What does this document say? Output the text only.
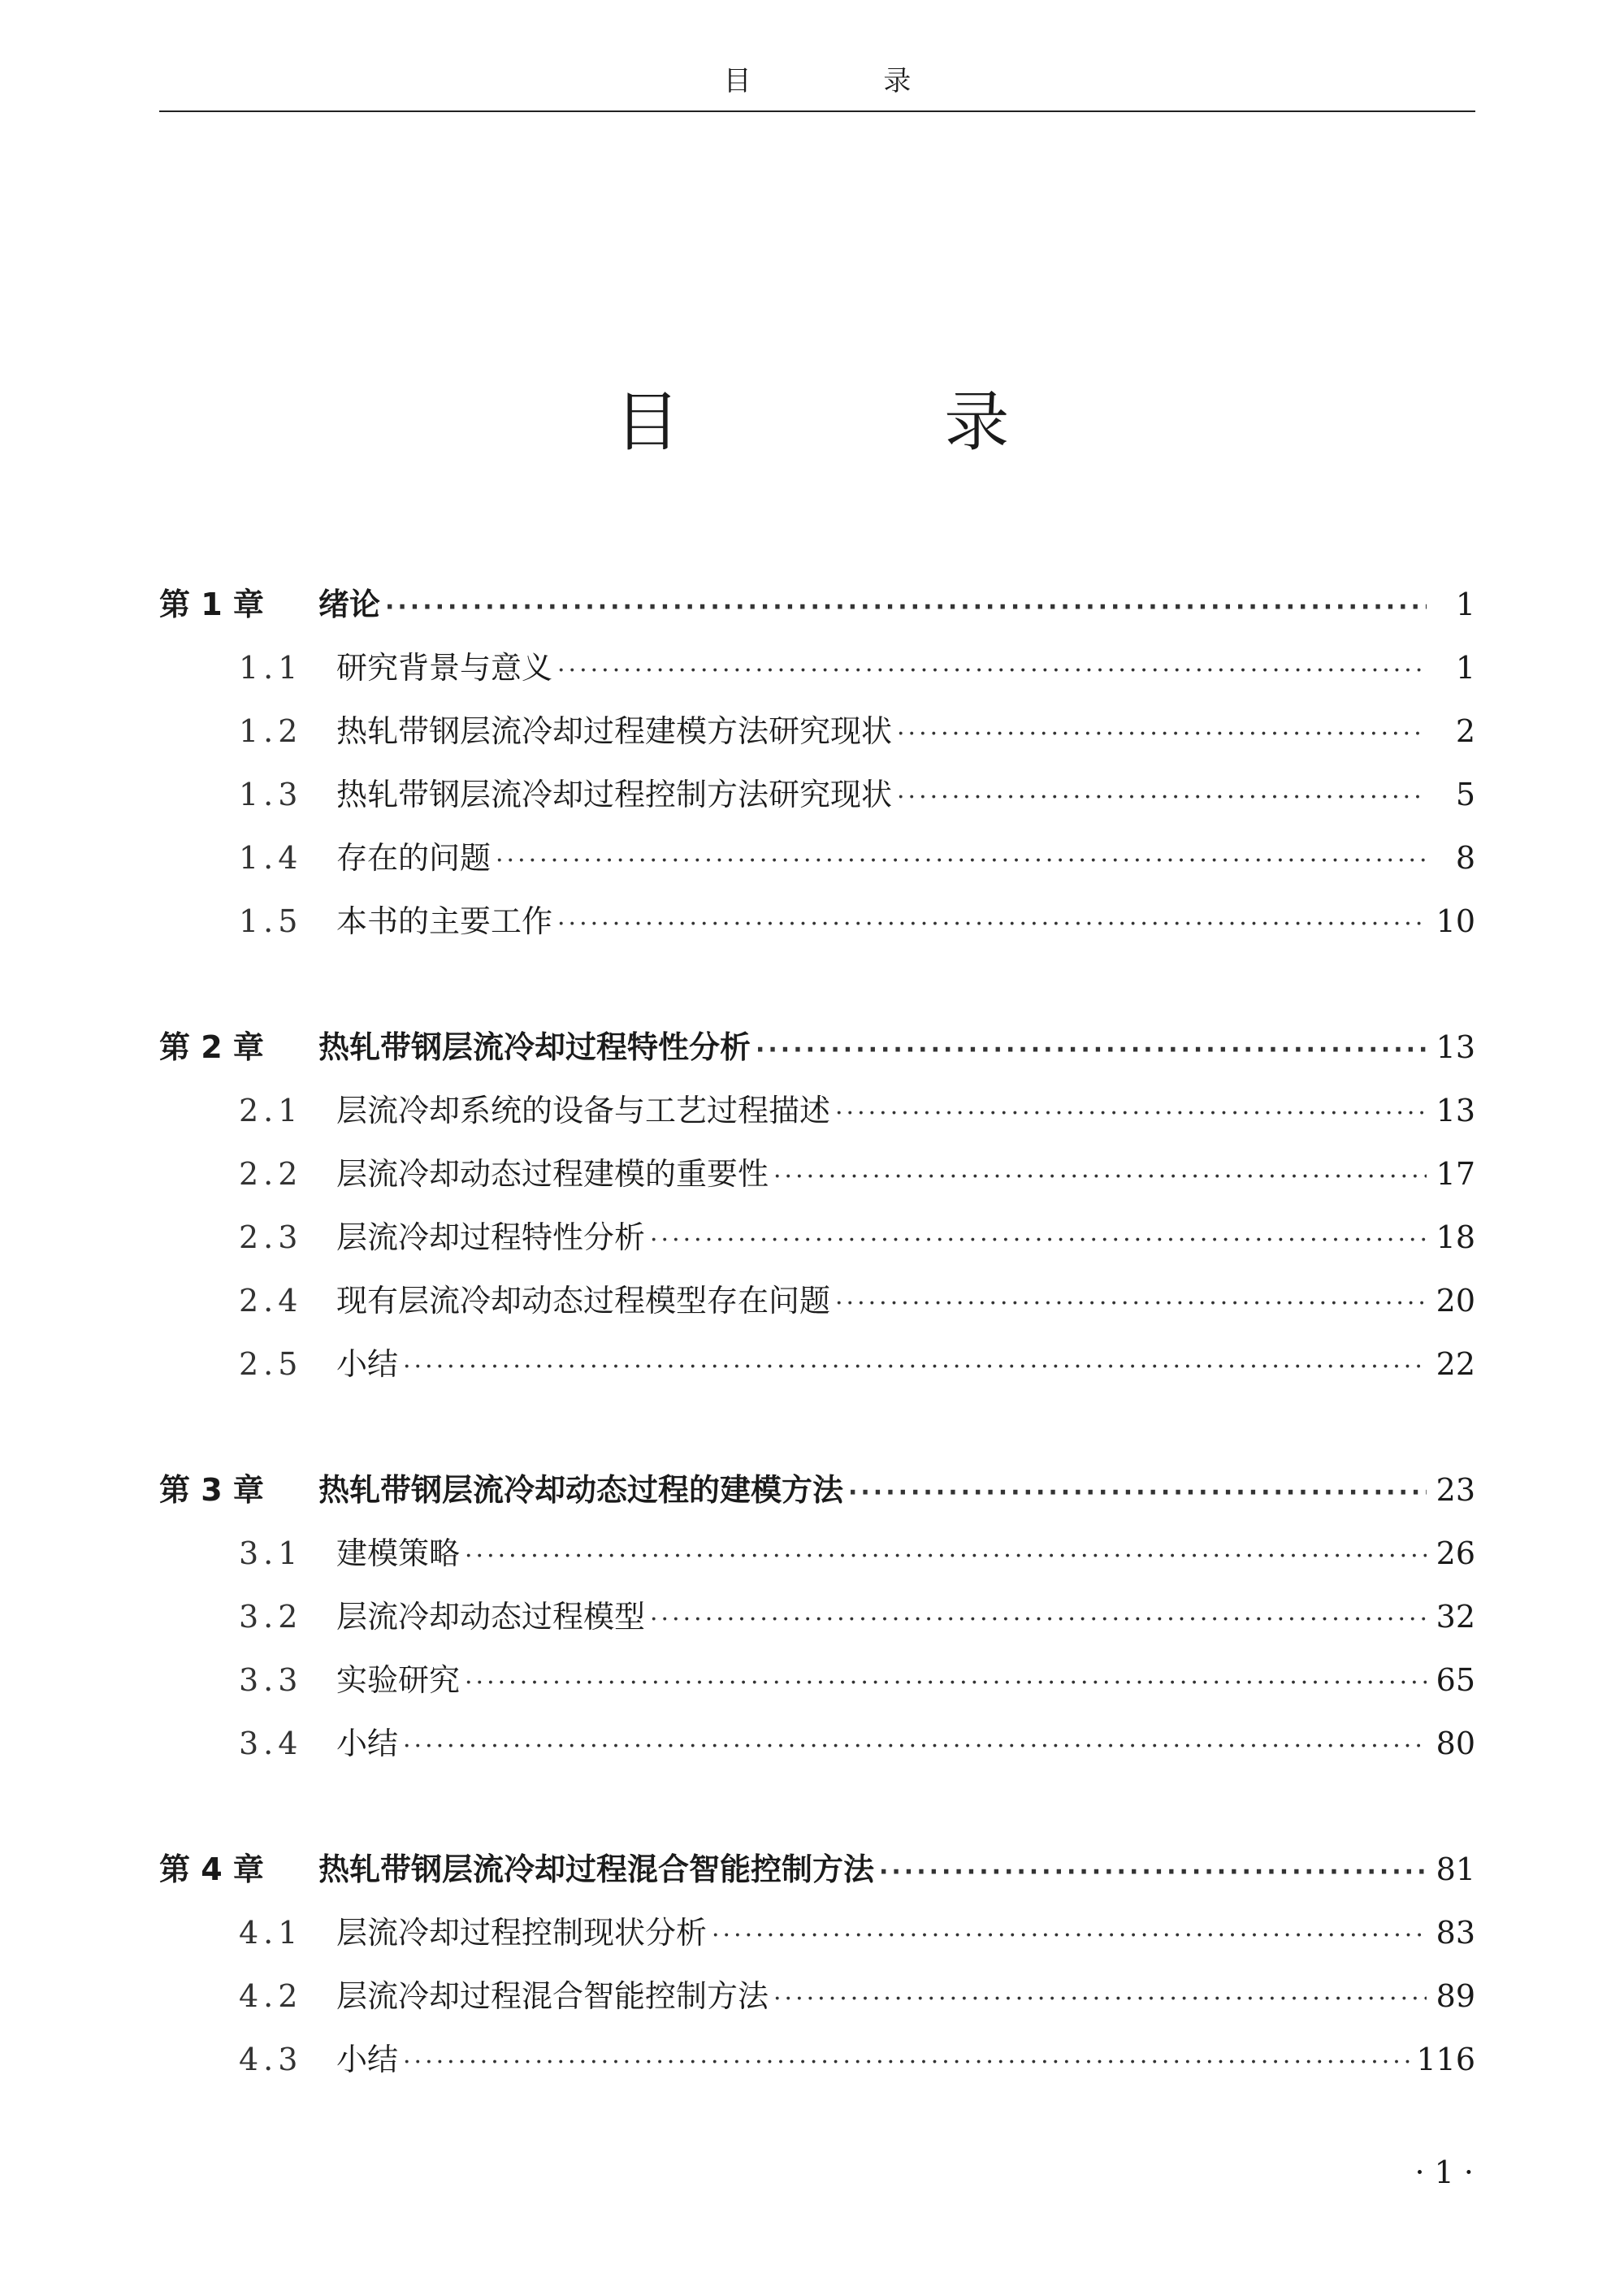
目 录
目 录
第 1 章	绪论 ·····	1
1.1	研究背景与意义 ·····	1
1.2	热轧带钢层流冷却过程建模方法研究现状 ·····	2
1.3	热轧带钢层流冷却过程控制方法研究现状 ·····	5
1.4	存在的问题 ·····	8
1.5	本书的主要工作 ·····	10
第 2 章	热轧带钢层流冷却过程特性分析 ·····	13
2.1	层流冷却系统的设备与工艺过程描述 ·····	13
2.2	层流冷却动态过程建模的重要性 ·····	17
2.3	层流冷却过程特性分析 ·····	18
2.4	现有层流冷却动态过程模型存在问题 ·····	20
2.5	小结 ·····	22
第 3 章	热轧带钢层流冷却动态过程的建模方法 ·····	23
3.1	建模策略 ·····	26
3.2	层流冷却动态过程模型 ·····	32
3.3	实验研究 ·····	65
3.4	小结 ·····	80
第 4 章	热轧带钢层流冷却过程混合智能控制方法 ·····	81
4.1	层流冷却过程控制现状分析 ·····	83
4.2	层流冷却过程混合智能控制方法 ·····	89
4.3	小结 ·····	116
· 1 ·
